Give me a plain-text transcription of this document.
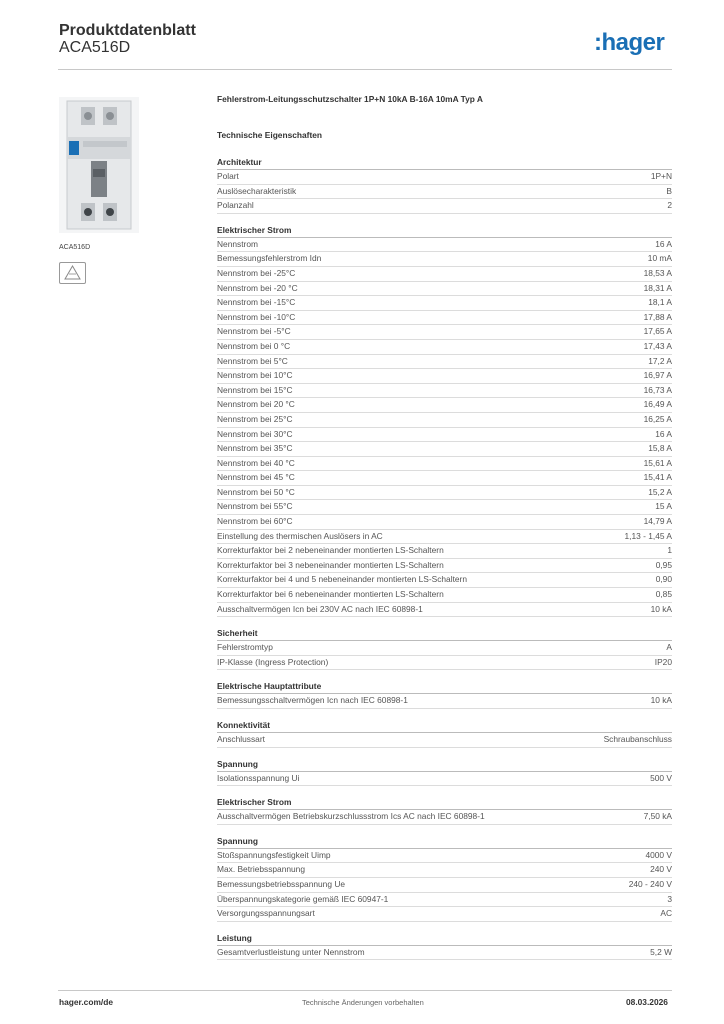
Produktdatenblatt
ACA516D	:hager
ACA516D
Fehlerstrom-Leitungsschutzschalter 1P+N 10kA B-16A 10mA Typ A
Technische Eigenschaften
Architektur
Polart	1P+N
Auslösecharakteristik	B
Polanzahl	2
Elektrischer Strom
Nennstrom	16 A
Bemessungsfehlerstrom Idn	10 mA
Nennstrom bei -25°C	18,53 A
Nennstrom bei -20 °C	18,31 A
Nennstrom bei -15°C	18,1 A
Nennstrom bei -10°C	17,88 A
Nennstrom bei -5°C	17,65 A
Nennstrom bei 0 °C	17,43 A
Nennstrom bei 5°C	17,2 A
Nennstrom bei 10°C	16,97 A
Nennstrom bei 15°C	16,73 A
Nennstrom bei 20 °C	16,49 A
Nennstrom bei 25°C	16,25 A
Nennstrom bei 30°C	16 A
Nennstrom bei 35°C	15,8 A
Nennstrom bei 40 °C	15,61 A
Nennstrom bei 45 °C	15,41 A
Nennstrom bei 50 °C	15,2 A
Nennstrom bei 55°C	15 A
Nennstrom bei 60°C	14,79 A
Einstellung des thermischen Auslösers in AC	1,13 - 1,45 A
Korrekturfaktor bei 2 nebeneinander montierten LS-Schaltern	1
Korrekturfaktor bei 3 nebeneinander montierten LS-Schaltern	0,95
Korrekturfaktor bei 4 und 5 nebeneinander montierten LS-Schaltern	0,90
Korrekturfaktor bei 6 nebeneinander montierten LS-Schaltern	0,85
Ausschaltvermögen Icn bei 230V AC nach IEC 60898-1	10 kA
Sicherheit
Fehlerstromtyp	A
IP-Klasse (Ingress Protection)	IP20
Elektrische Hauptattribute
Bemessungsschaltvermögen Icn nach IEC 60898-1	10 kA
Konnektivität
Anschlussart	Schraubanschluss
Spannung
Isolationsspannung Ui	500 V
Elektrischer Strom
Ausschaltvermögen Betriebskurzschlussstrom Ics AC nach IEC 60898-1	7,50 kA
Spannung
Stoßspannungsfestigkeit Uimp	4000 V
Max. Betriebsspannung	240 V
Bemessungsbetriebsspannung Ue	240 - 240 V
Überspannungskategorie gemäß IEC 60947-1	3
Versorgungsspannungsart	AC
Leistung
Gesamtverlustleistung unter Nennstrom	5,2 W
hager.com/de	Technische Änderungen vorbehalten	08.03.2026
